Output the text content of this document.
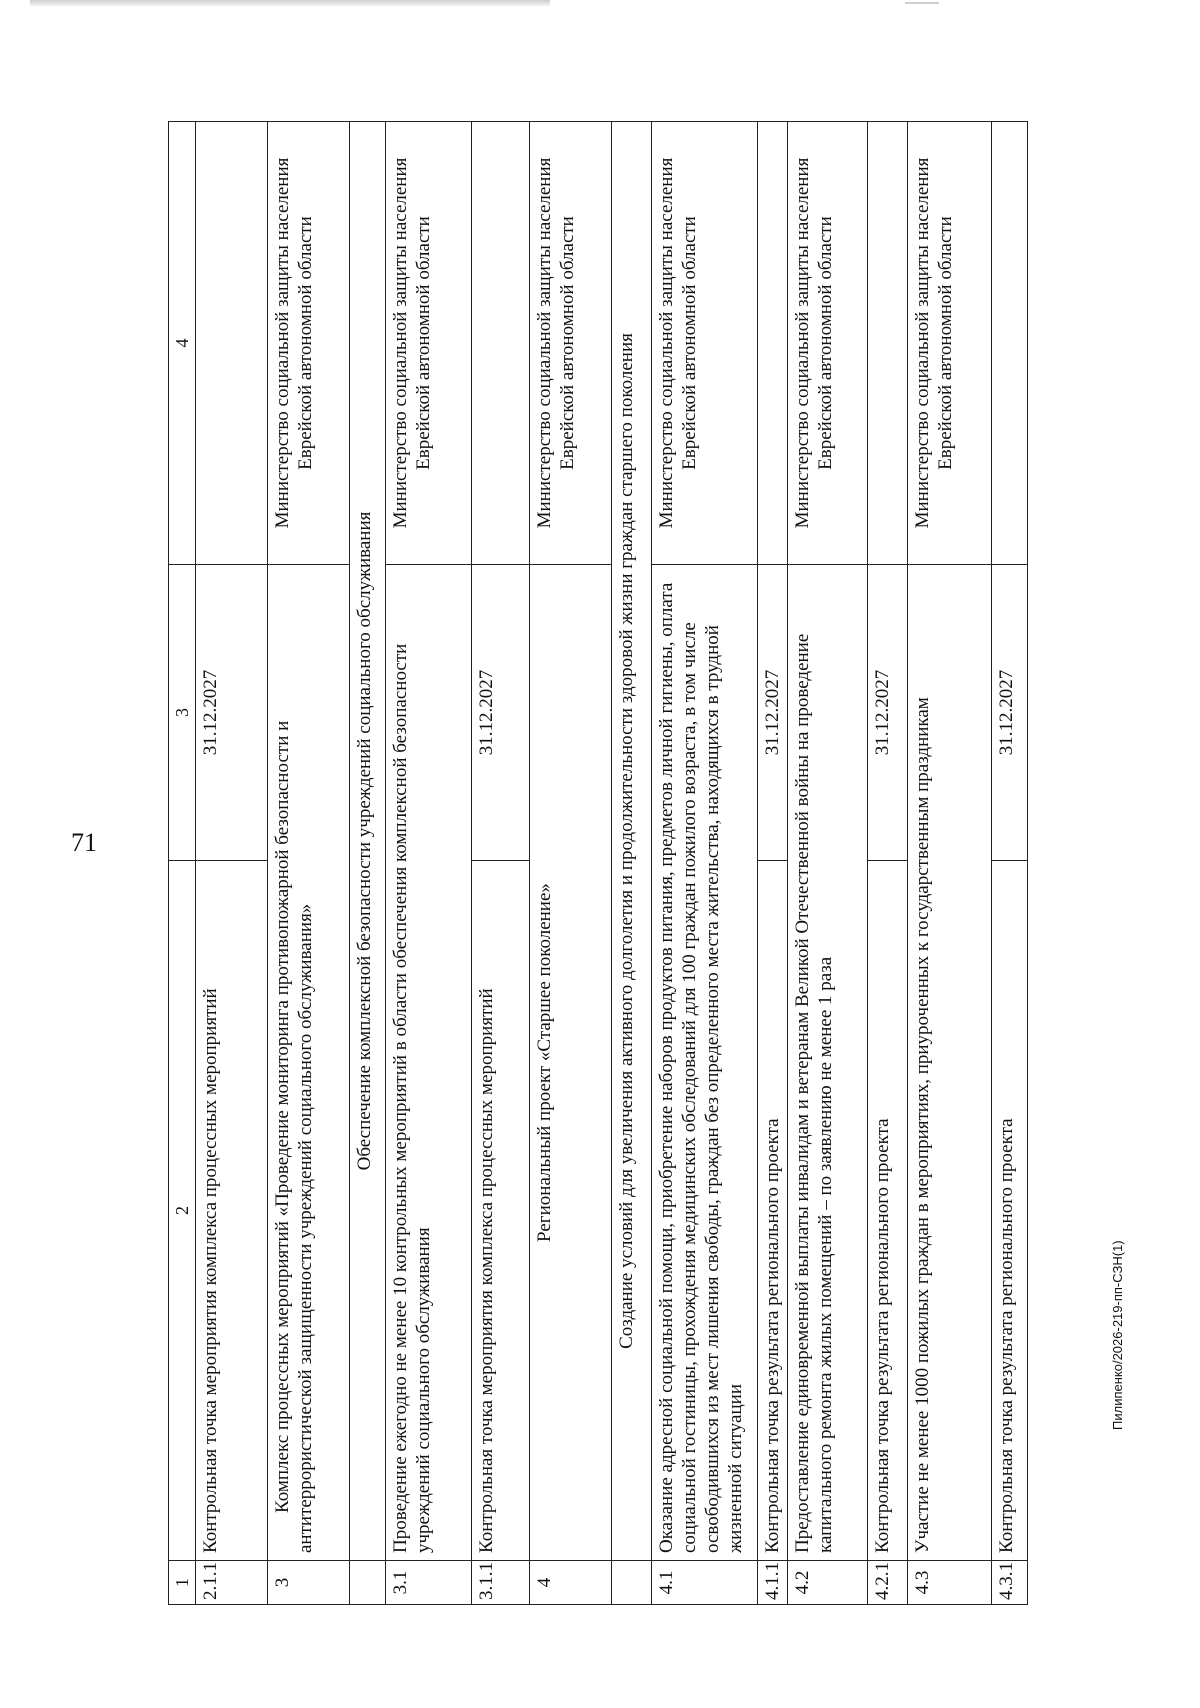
71
1	2	3	4
2.1.1	Контрольная точка мероприятия комплекса процессных мероприятий	31.12.2027	
3	Комплекс процессных мероприятий «Проведение мониторинга противопожарной безопасности и антитеррористической защищенности учреждений социального обслуживания»		Министерство социальной защиты населения Еврейской автономной области
	Обеспечение комплексной безопасности учреждений социального обслуживания		
3.1	Проведение ежегодно не менее 10 контрольных мероприятий в области обеспечения комплексной безопасности учреждений социального обслуживания		Министерство социальной защиты населения Еврейской автономной области
3.1.1	Контрольная точка мероприятия комплекса процессных мероприятий	31.12.2027	
4	Региональный проект «Старшее поколение»		Министерство социальной защиты населения Еврейской автономной области
	Создание условий для увеличения активного долголетия и продолжительности здоровой жизни граждан старшего поколения		
4.1	Оказание адресной социальной помощи, приобретение наборов продуктов питания, предметов личной гигиены, оплата социальной гостиницы, прохождения медицинских обследований для 100 граждан пожилого возраста, в том числе освободившихся из мест лишения свободы, граждан без определенного места жительства, находящихся в трудной жизненной ситуации		Министерство социальной защиты населения Еврейской автономной области
4.1.1	Контрольная точка результата регионального проекта	31.12.2027	
4.2	Предоставление единовременной выплаты инвалидам и ветеранам Великой Отечественной войны на проведение капитального ремонта жилых помещений – по заявлению не менее 1 раза		Министерство социальной защиты населения Еврейской автономной области
4.2.1	Контрольная точка результата регионального проекта	31.12.2027	
4.3	Участие не менее 1000 пожилых граждан в мероприятиях, приуроченных к государственным праздникам		Министерство социальной защиты населения Еврейской автономной области
4.3.1	Контрольная точка результата регионального проекта	31.12.2027	
Пилипенко/2026-219-пп-СЗН(1)
